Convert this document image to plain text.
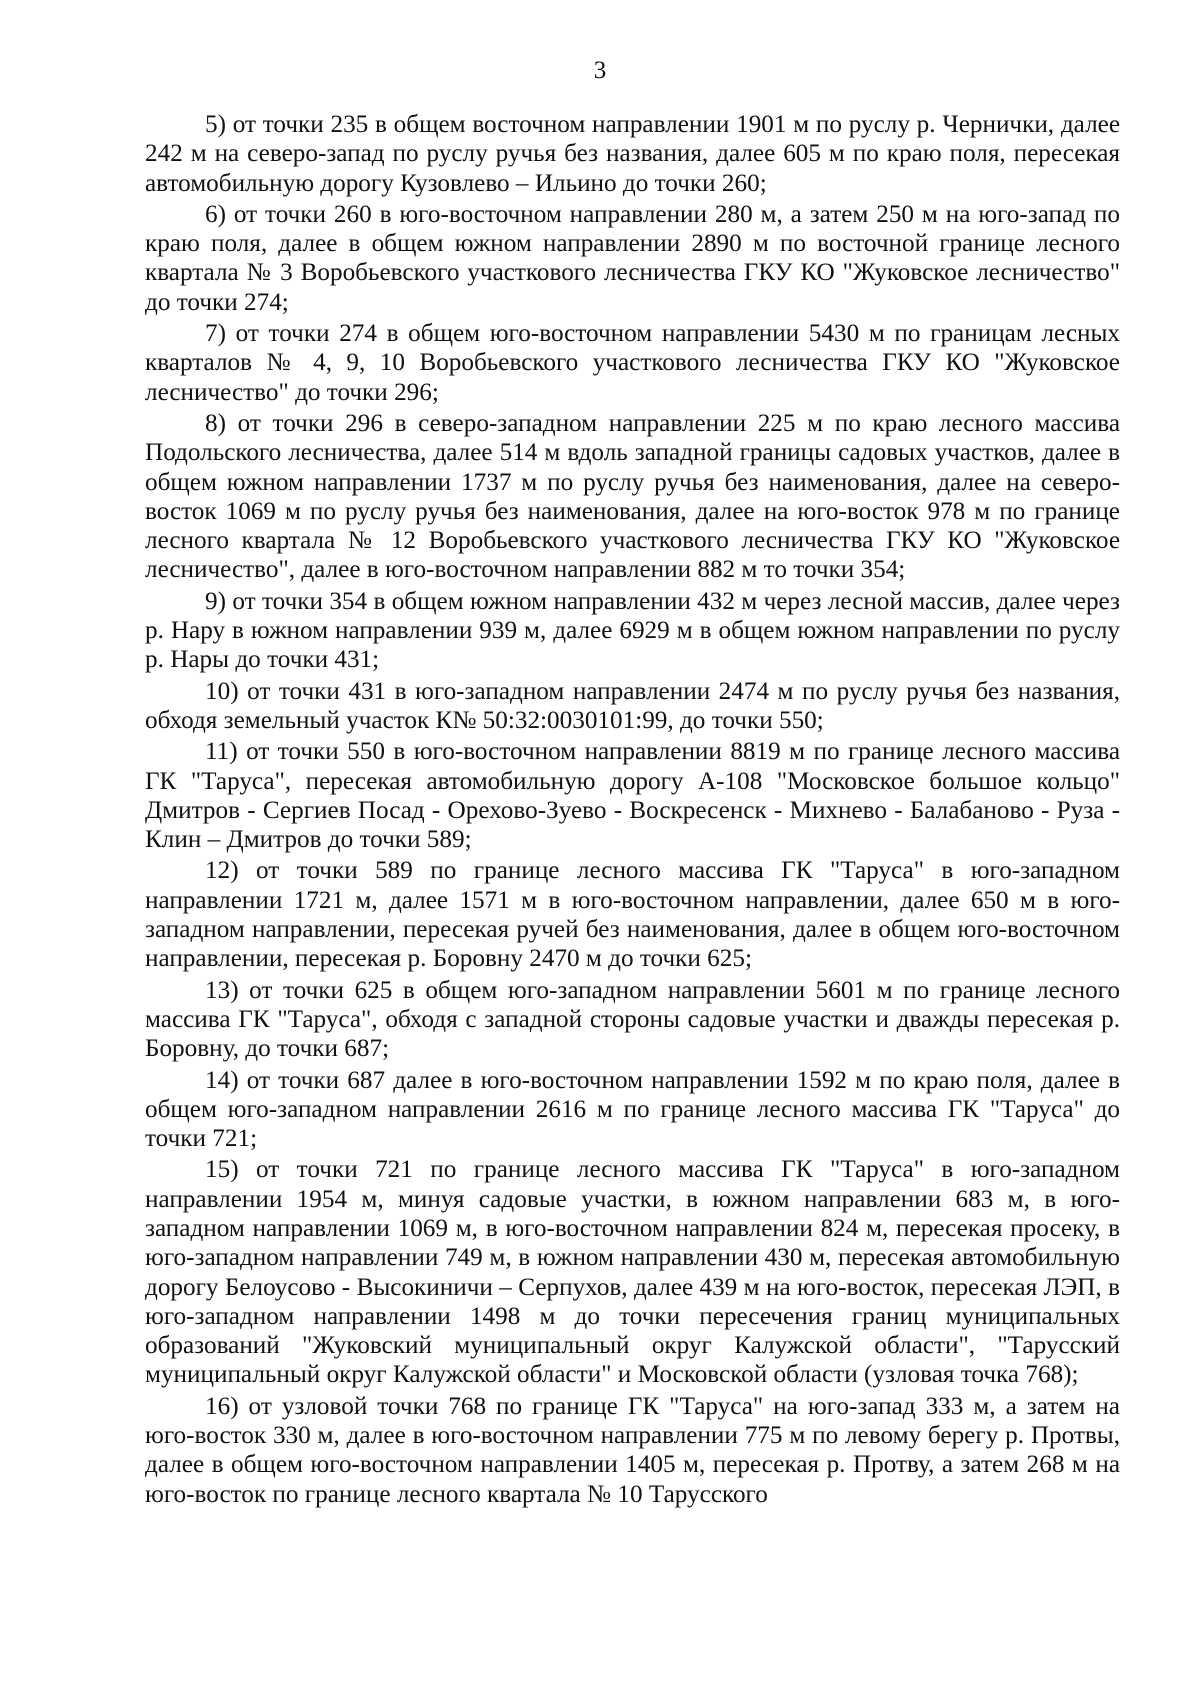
3

5) от точки 235 в общем восточном направлении 1901 м по руслу р. Чернички, далее 242 м на северо-запад по руслу ручья без названия, далее 605 м по краю поля, пересекая автомобильную дорогу Кузовлево – Ильино до точки 260;

6) от точки 260 в юго-восточном направлении 280 м, а затем 250 м на юго-запад по краю поля, далее в общем южном направлении 2890 м по восточной границе лесного квартала № 3 Воробьевского участкового лесничества ГКУ КО "Жуковское лесничество" до точки 274;

7) от точки 274 в общем юго-восточном направлении 5430 м по границам лесных кварталов № 4, 9, 10 Воробьевского участкового лесничества ГКУ КО "Жуковское лесничество" до точки 296;

8) от точки 296 в северо-западном направлении 225 м по краю лесного массива Подольского лесничества, далее 514 м вдоль западной границы садовых участков, далее в общем южном направлении 1737 м по руслу ручья без наименования, далее на северо-восток 1069 м по руслу ручья без наименования, далее на юго-восток 978 м по границе лесного квартала № 12 Воробьевского участкового лесничества ГКУ КО "Жуковское лесничество", далее в юго-восточном направлении 882 м то точки 354;

9) от точки 354 в общем южном направлении 432 м через лесной массив, далее через р. Нару в южном направлении 939 м, далее 6929 м в общем южном направлении по руслу р. Нары до точки 431;

10) от точки 431 в юго-западном направлении 2474 м по руслу ручья без названия, обходя земельный участок К№ 50:32:0030101:99, до точки 550;

11) от точки 550 в юго-восточном направлении 8819 м по границе лесного массива ГК "Таруса", пересекая автомобильную дорогу А-108 "Московское большое кольцо" Дмитров - Сергиев Посад - Орехово-Зуево - Воскресенск - Михнево - Балабаново - Руза - Клин – Дмитров до точки 589;

12) от точки 589 по границе лесного массива ГК "Таруса" в юго-западном направлении 1721 м, далее 1571 м в юго-восточном направлении, далее 650 м в юго-западном направлении, пересекая ручей без наименования, далее в общем юго-восточном направлении, пересекая р. Боровну 2470 м до точки 625;

13) от точки 625 в общем юго-западном направлении 5601 м по границе лесного массива ГК "Таруса", обходя с западной стороны садовые участки и дважды пересекая р. Боровну, до точки 687;

14) от точки 687 далее в юго-восточном направлении 1592 м по краю поля, далее в общем юго-западном направлении 2616 м по границе лесного массива ГК "Таруса" до точки 721;

15) от точки 721 по границе лесного массива ГК "Таруса" в юго-западном направлении 1954 м, минуя садовые участки, в южном направлении 683 м, в юго-западном направлении 1069 м, в юго-восточном направлении 824 м, пересекая просеку, в юго-западном направлении 749 м, в южном направлении 430 м, пересекая автомобильную дорогу Белоусово - Высокиничи – Серпухов, далее 439 м на юго-восток, пересекая ЛЭП, в юго-западном направлении 1498 м до точки пересечения границ муниципальных образований "Жуковский муниципальный округ Калужской области", "Тарусский муниципальный округ Калужской области" и Московской области (узловая точка 768);

16) от узловой точки 768 по границе ГК "Таруса" на юго-запад 333 м, а затем на юго-восток 330 м, далее в юго-восточном направлении 775 м по левому берегу р. Протвы, далее в общем юго-восточном направлении 1405 м, пересекая р. Протву, а затем 268 м на юго-восток по границе лесного квартала № 10 Тарусского
